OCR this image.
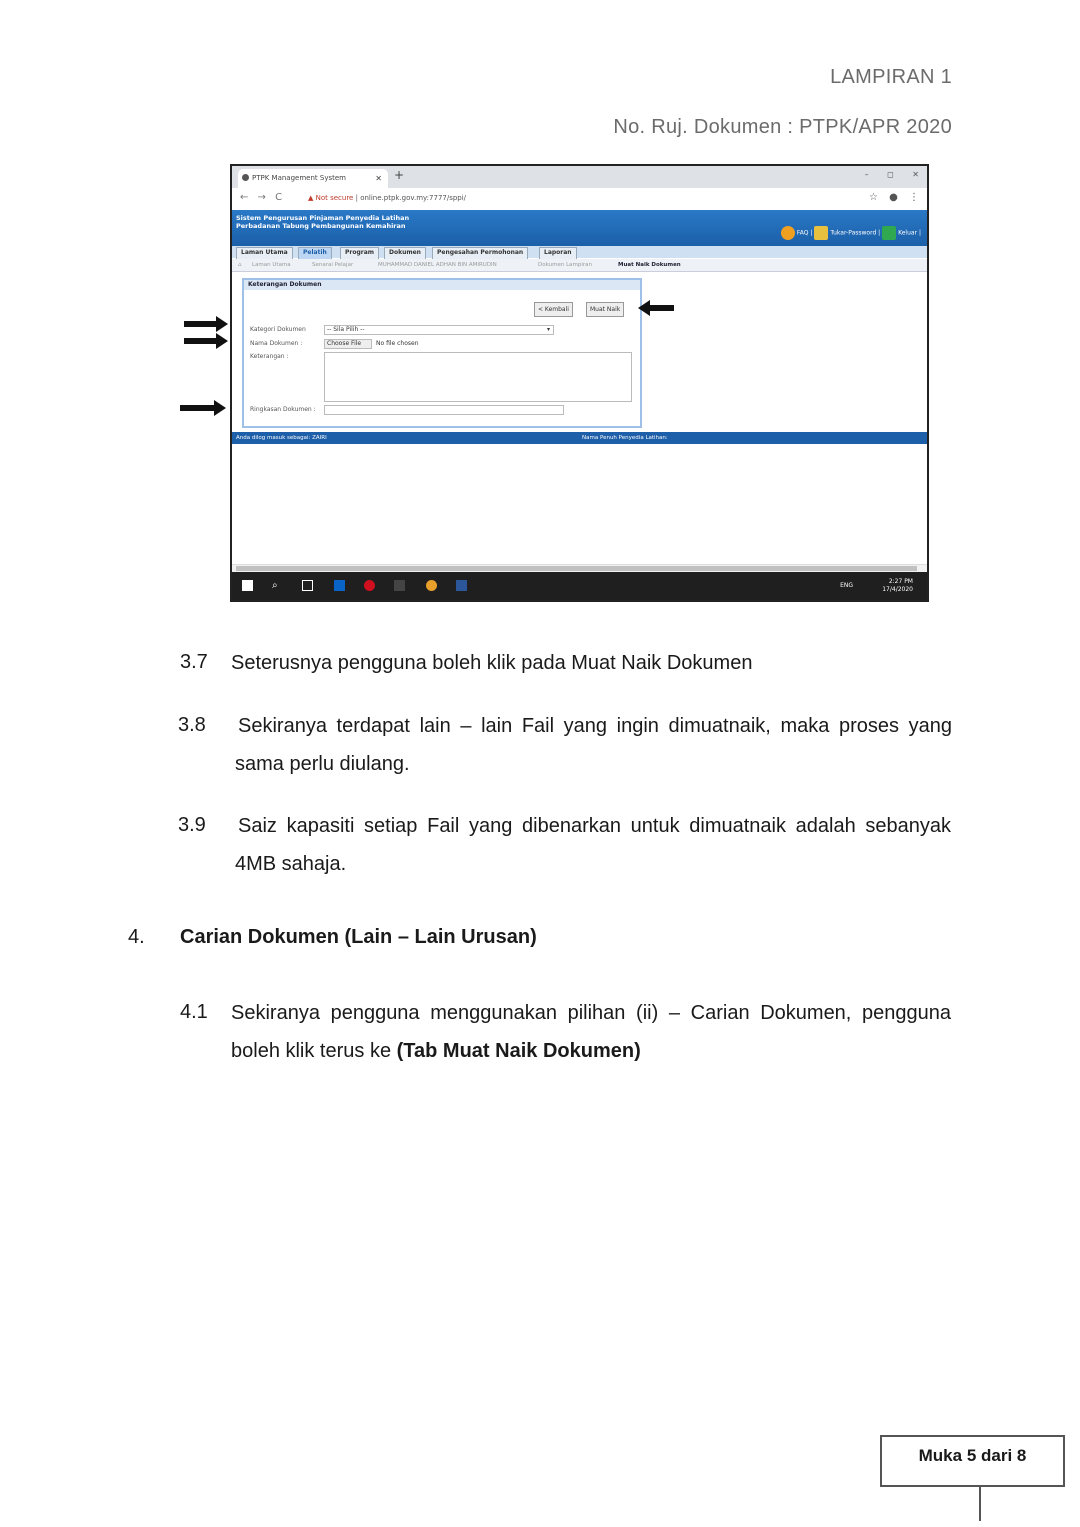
LAMPIRAN 1
No. Ruj. Dokumen : PTPK/APR 2020
PTPK Management System	✕ +	– ◻ ✕
← → C	▲ Not secure | online.ptpk.gov.my:7777/sppi/	☆ ● ⋮
Sistem Pengurusan Pinjaman Penyedia Latihan
Perbadanan Tabung Pembangunan Kemahiran
FAQ |	Tukar-Password |	Keluar |
Laman Utama	Pelatih	Program	Dokumen	Pengesahan Permohonan	Laporan
⌂ Laman Utama	Senarai Pelajar	MUHAMMAD DANIEL ADHAN BIN AMIRUDIN	Dokumen Lampiran	Muat Naik Dokumen
Keterangan Dokumen
< Kembali	Muat Naik
Kategori Dokumen	-- Sila Pilih --	▾
Nama Dokumen :	Choose File	No file chosen
Keterangan :
Ringkasan Dokumen :
Anda dilog masuk sebagai: ZAIRI	Nama Penuh Penyedia Latihan:
⌕	ENG
2:27 PM
17/4/2020
3.7 Seterusnya pengguna boleh klik pada Muat Naik Dokumen
3.8 Sekiranya terdapat lain – lain Fail yang ingin dimuatnaik, maka proses yang sama perlu diulang.
3.9 Saiz kapasiti setiap Fail yang dibenarkan untuk dimuatnaik adalah sebanyak 4MB sahaja.
4. Carian Dokumen (Lain – Lain Urusan)
4.1 Sekiranya pengguna menggunakan pilihan (ii) – Carian Dokumen, pengguna boleh klik terus ke (Tab Muat Naik Dokumen)
Muka 5 dari 8
